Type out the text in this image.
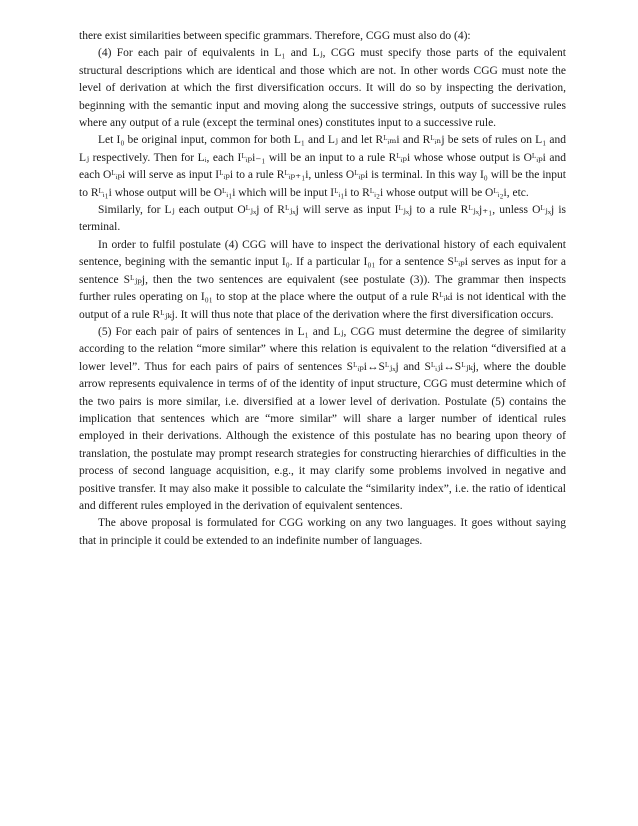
there exist similarities between specific grammars. Therefore, CGG must also do (4):

(4) For each pair of equivalents in L₁ and Lⱼ, CGG must specify those parts of the equivalent structural descriptions which are identical and those which are not. In other words CGG must note the level of derivation at which the first diversification occurs. It will do so by inspecting the derivation, beginning with the semantic input and moving along the successive strings, outputs of successive rules where any output of a rule (except the terminal ones) constitutes input to a successive rule.

Let I₀ be original input, common for both L₁ and Lⱼ and let Rᴸᵢₘi and Rᴸᵢₙj be sets of rules on L₁ and Lⱼ respectively. Then for Lᵢ, each Iᴸᵢₚi₋₁ will be an input to a rule Rᴸᵢₚi whose whose output is Oᴸᵢₚi and each Oᴸᵢₚi will serve as input Iᴸᵢₚi to a rule Rᴸᵢₚ₊₁i, unless Oᴸᵢₚi is terminal. In this way I₀ will be the input to Rᴸᵢ₁i whose output will be Oᴸᵢ₁i which will be input Iᴸᵢ₁i to Rᴸᵢ₂i whose output will be Oᴸᵢ₂i, etc.

Similarly, for Lⱼ each output Oᴸⱼₓj of Rᴸⱼₓj will serve as input Iᴸⱼₓj to a rule Rᴸⱼₓj₊₁, unless Oᴸⱼₓj is terminal.

In order to fulfil postulate (4) CGG will have to inspect the derivational history of each equivalent sentence, begining with the semantic input I₀. If a particular I₀₁ for a sentence Sᴸᵢₚi serves as input for a sentence Sᴸⱼₚj, then the two sentences are equivalent (see postulate (3)). The grammar then inspects further rules operating on I₀₁ to stop at the place where the output of a rule Rᴸᵢₖi is not identical with the output of a rule Rᴸⱼₖj. It will thus note that place of the derivation where the first diversification occurs.

(5) For each pair of pairs of sentences in L₁ and Lⱼ, CGG must determine the degree of similarity according to the relation “more similar” where this relation is equivalent to the relation “diversified at a lower level”. Thus for each pairs of pairs of sentences Sᴸᵢₚi↔Sᴸⱼₓj and Sᴸᵢⱼi↔Sᴸⱼₖj, where the double arrow represents equivalence in terms of of the identity of input structure, CGG must determine which of the two pairs is more similar, i.e. diversified at a lower level of derivation. Postulate (5) contains the implication that sentences which are “more similar” will share a larger number of identical rules employed in their derivations. Although the existence of this postulate has no bearing upon theory of translation, the postulate may prompt research strategies for constructing hierarchies of difficulties in the process of second language acquisition, e.g., it may clarify some problems involved in negative and positive transfer. It may also make it possible to calculate the “similarity index”, i.e. the ratio of identical and different rules employed in the derivation of equivalent sentences.

The above proposal is formulated for CGG working on any two languages. It goes without saying that in principle it could be extended to an indefinite number of languages.
